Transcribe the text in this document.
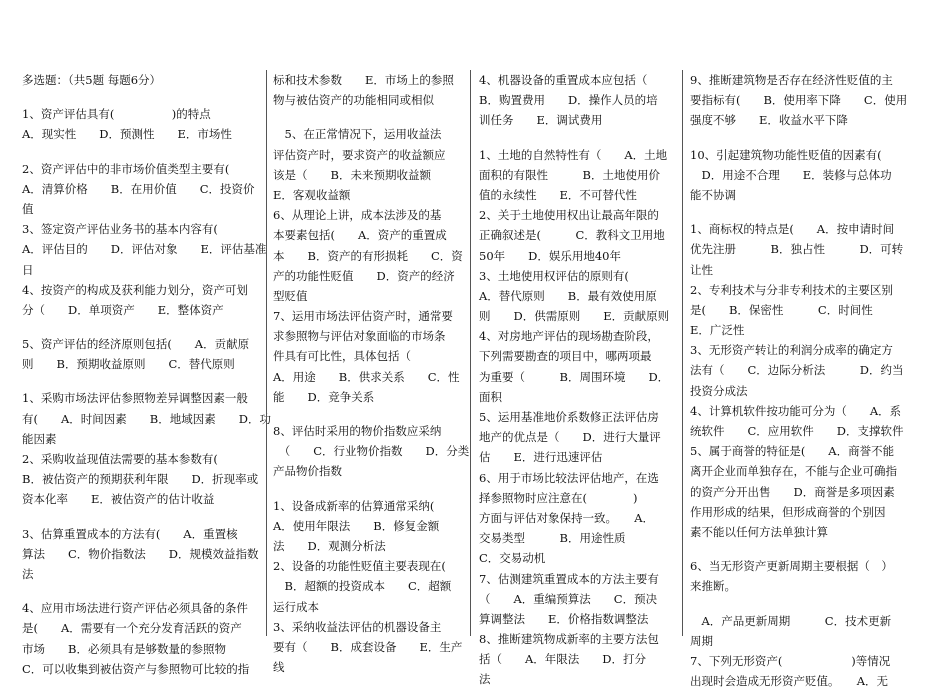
多选题：（共5题 每题6分）
1、资产评估具有(　　　　　)的特点
A．现实性　　D．预测性　　E．市场性
2、资产评估中的非市场价值类型主要有(
A．清算价格　　B．在用价值　　C．投资价
值
3、签定资产评估业务书的基本内容有(
A．评估目的　　D．评估对象　　E．评估基准
日
4、按资产的构成及获利能力划分，资产可划
分（　　D．单项资产　　E．整体资产
5、资产评估的经济原则包括(　　A．贡献原
则　　B．预期收益原则　　C．替代原则
1、采购市场法评估参照物差异调整因素一般
有(　　A．时间因素　　B．地域因素　　D．功
能因素
2、采购收益现值法需要的基本参数有(
B．被估资产的预期获利年限　　D．折现率或
资本化率　　E．被估资产的估计收益
3、估算重置成本的方法有(　　A．重置核
算法　　C．物价指数法　　D．规模效益指数
法
4、应用市场法进行资产评估必须具备的条件
是(　　A．需要有一个充分发育活跃的资产
市场　　B．必须具有是够数量的参照物
C．可以收集到被估资产与参照物可比较的指
标和技术参数　　E．市场上的参照
物与被估资产的功能相同或相似
　5、在正常情况下，运用收益法
评估资产时，要求资产的收益额应
该是（　　B．未来预期收益额
E．客观收益额
6、从理论上讲，成本法涉及的基
本要素包括(　　A．资产的重置成
本　　B．资产的有形损耗　　C．资
产的功能性贬值　　D．资产的经济
型贬值
7、运用市场法评估资产时，通常要
求参照物与评估对象面临的市场条
件具有可比性，具体包括（
A．用途　　B．供求关系　　C．性
能　　D．竞争关系
8、评估时采用的物价指数应采纳
　（　　C．行业物价指数　　D．分类
产品物价指数
1、设备成新率的估算通常采纳(
A．使用年限法　　B．修复金额
法　　D．观测分析法
2、设备的功能性贬值主要表现在(
　B．超额的投资成本　　C．超额
运行成本
3、采纳收益法评估的机器设备主
要有（　　B．成套设备　　E．生产
线
4、机器设备的重置成本应包括（
B．购置费用　　D．操作人员的培
训任务　　E．调试费用
1、土地的自然特性有（　　A．土地
面积的有限性　　　B．土地使用价
值的永续性　　E．不可替代性
2、关于土地使用权出让最高年限的
正确叙述是(　　　C．教科文卫用地
50年　　D．娱乐用地40年
3、土地使用权评估的原则有(
A．替代原则　　B．最有效使用原
则　　D．供需原则　　E．贡献原则
4、对房地产评估的现场勘查阶段，
下列需要勘查的项目中，哪两项最
为重要（　　　B．周围环境　　D．
面积
5、运用基准地价系数修正法评估房
地产的优点是（　　D．进行大量评
估　　E．进行迅速评估
6、用于市场比较法评估地产，在选
择参照物时应注意在(　　　　)
方面与评估对象保持一致。　　A．
交易类型　　　B．用途性质
C．交易动机
7、估测建筑重置成本的方法主要有
（　　A．重编预算法　　C．预决
算调整法　　E．价格指数调整法
8、推断建筑物成新率的主要方法包
括（　　A．年限法　　D．打分
法
9、推断建筑物是否存在经济性贬值的主
要指标有(　　B．使用率下降　　C．使用
强度不够　　E．收益水平下降
10、引起建筑物功能性贬值的因素有(
　D．用途不合理　　E．装修与总体功
能不协调
1、商标权的特点是(　　A．按申请时间
优先注册　　　B．独占性　　　D．可转
让性
2、专利技术与分非专利技术的主要区别
是(　　B．保密性　　　C．时间性
E．广泛性
3、无形资产转让的利润分成率的确定方
法有（　　C．边际分析法　　　D．约当
投资分成法
4、计算机软件按功能可分为（　　A．系
统软件　　C．应用软件　　D．支撑软件
5、属于商誉的特征是(　　A．商誉不能
离开企业而单独存在，不能与企业可确指
的资产分开出售　　D．商誉是多项因素
作用形成的结果，但形成商誉的个别因
素不能以任何方法单独计算
6、当无形资产更新周期主要根据（　）
来推断。
　A．产品更新周期　　　C．技术更新
周期
7、下列无形资产(　　　　　　)等情况
出现时会造成无形资产贬值。　　A．无
